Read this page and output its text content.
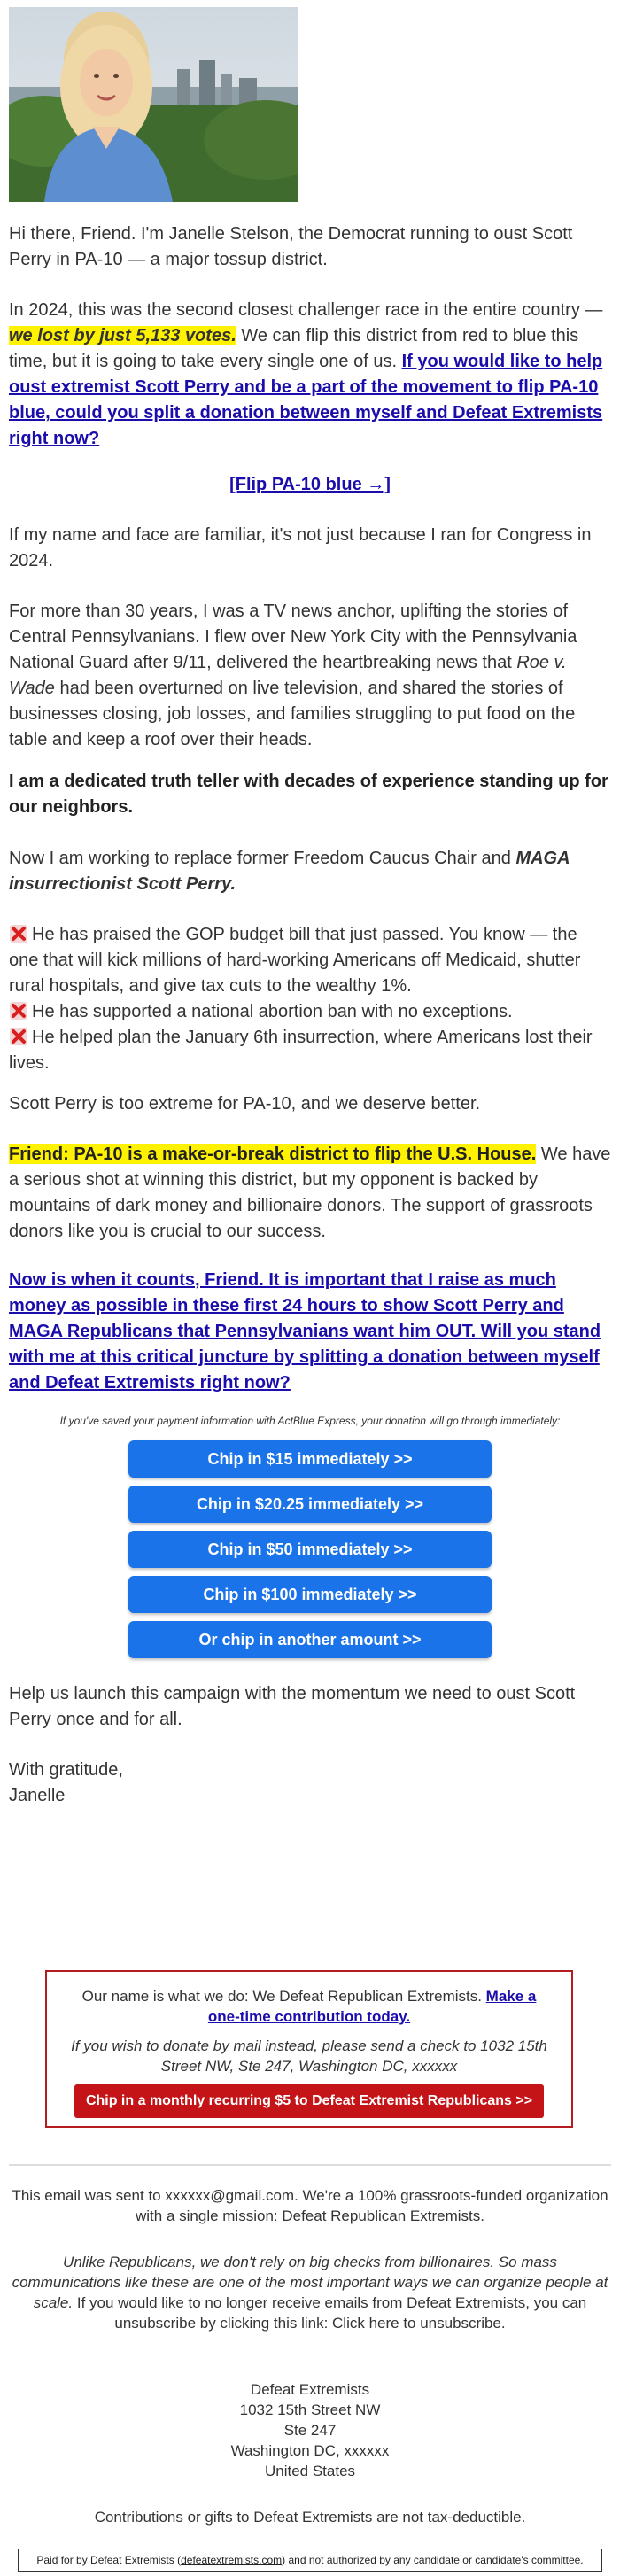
Hi there, Friend. I'm Janelle Stelson, the Democrat running to oust Scott Perry in PA-10 — a major tossup district.

In 2024, this was the second closest challenger race in the entire country — we lost by just 5,133 votes. We can flip this district from red to blue this time, but it is going to take every single one of us. If you would like to help oust extremist Scott Perry and be a part of the movement to flip PA-10 blue, could you split a donation between myself and Defeat Extremists right now?

[Flip PA-10 blue →]

If my name and face are familiar, it's not just because I ran for Congress in 2024.

For more than 30 years, I was a TV news anchor, uplifting the stories of Central Pennsylvanians. I flew over New York City with the Pennsylvania National Guard after 9/11, delivered the heartbreaking news that Roe v. Wade had been overturned on live television, and shared the stories of businesses closing, job losses, and families struggling to put food on the table and keep a roof over their heads.

I am a dedicated truth teller with decades of experience standing up for our neighbors.

Now I am working to replace former Freedom Caucus Chair and MAGA insurrectionist Scott Perry.

He has praised the GOP budget bill that just passed. You know — the one that will kick millions of hard-working Americans off Medicaid, shutter rural hospitals, and give tax cuts to the wealthy 1%.

He has supported a national abortion ban with no exceptions.

He helped plan the January 6th insurrection, where Americans lost their lives.

Scott Perry is too extreme for PA-10, and we deserve better.

Friend: PA-10 is a make-or-break district to flip the U.S. House. We have a serious shot at winning this district, but my opponent is backed by mountains of dark money and billionaire donors. The support of grassroots donors like you is crucial to our success.

Now is when it counts, Friend. It is important that I raise as much money as possible in these first 24 hours to show Scott Perry and MAGA Republicans that Pennsylvanians want him OUT. Will you stand with me at this critical juncture by splitting a donation between myself and Defeat Extremists right now?

If you've saved your payment information with ActBlue Express, your donation will go through immediately:

Chip in $15 immediately >>
Chip in $20.25 immediately >>
Chip in $50 immediately >>
Chip in $100 immediately >>
Or chip in another amount >>

Help us launch this campaign with the momentum we need to oust Scott Perry once and for all.

With gratitude,

Janelle

Our name is what we do: We Defeat Republican Extremists. Make a one-time contribution today.

If you wish to donate by mail instead, please send a check to 1032 15th Street NW, Ste 247, Washington DC, xxxxxx

Chip in a monthly recurring $5 to Defeat Extremist Republicans >>

This email was sent to xxxxxx@gmail.com. We're a 100% grassroots-funded organization with a single mission: Defeat Republican Extremists.

Unlike Republicans, we don't rely on big checks from billionaires. So mass communications like these are one of the most important ways we can organize people at scale. If you would like to no longer receive emails from Defeat Extremists, you can unsubscribe by clicking this link: Click here to unsubscribe.

Defeat Extremists
1032 15th Street NW
Ste 247
Washington DC, xxxxxx
United States

Contributions or gifts to Defeat Extremists are not tax-deductible.

Paid for by Defeat Extremists (defeatextremists.com) and not authorized by any candidate or candidate's committee.
